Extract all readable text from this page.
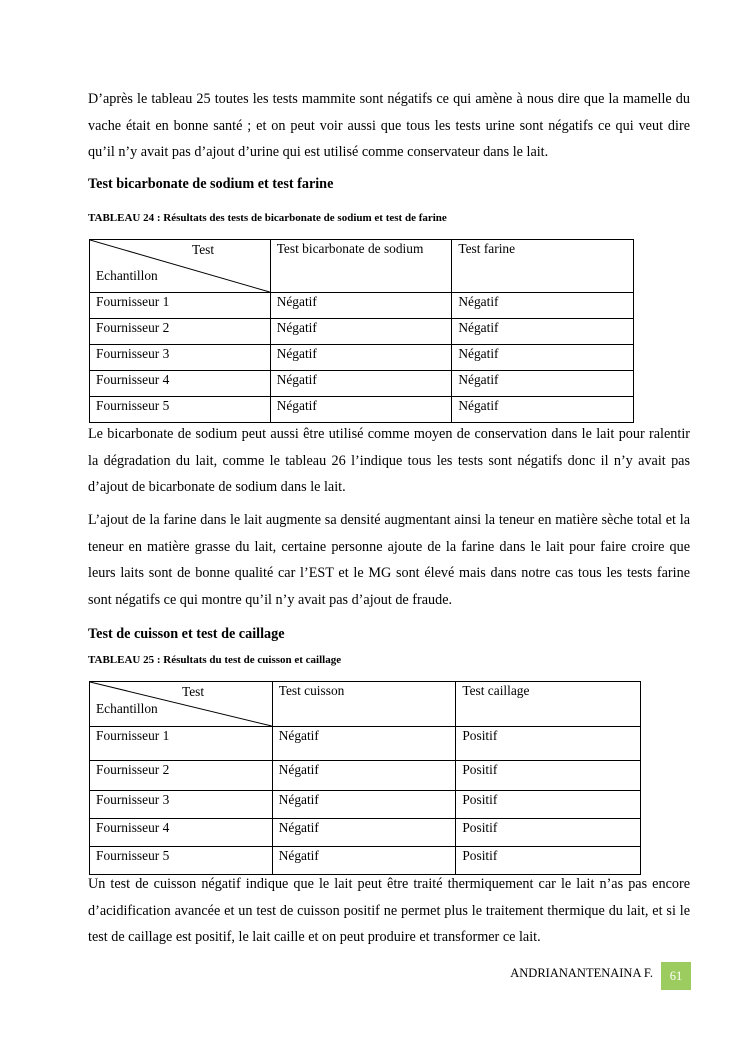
D’après le tableau 25 toutes les tests mammite sont négatifs ce qui amène à nous dire que la mamelle du vache était en bonne santé ; et on peut voir aussi que tous les tests urine sont négatifs ce qui veut dire qu’il n’y avait pas d’ajout d’urine qui est utilisé comme conservateur dans le lait.

Test bicarbonate de sodium et test farine

TABLEAU 24 : Résultats des tests de bicarbonate de sodium et test de farine

Test
Echantillon	Test bicarbonate de sodium	Test farine
Fournisseur 1	Négatif	Négatif
Fournisseur 2	Négatif	Négatif
Fournisseur 3	Négatif	Négatif
Fournisseur 4	Négatif	Négatif
Fournisseur 5	Négatif	Négatif

Le bicarbonate de sodium peut aussi être utilisé comme moyen de conservation dans le lait pour ralentir la dégradation du lait, comme le tableau 26 l’indique tous les tests sont négatifs donc il n’y avait pas d’ajout de bicarbonate de sodium dans le lait.

L’ajout de la farine dans le lait augmente sa densité augmentant ainsi la teneur en matière sèche total et la teneur en matière grasse du lait, certaine personne ajoute de la farine dans le lait pour faire croire que leurs laits sont de bonne qualité car l’EST et le MG sont élevé mais dans notre cas tous les tests farine sont négatifs ce qui montre qu’il n’y avait pas d’ajout de fraude.

Test de cuisson et test de caillage

TABLEAU 25 : Résultats du test de cuisson et caillage

Test
Echantillon	Test cuisson	Test caillage
Fournisseur 1	Négatif	Positif
Fournisseur 2	Négatif	Positif
Fournisseur 3	Négatif	Positif
Fournisseur 4	Négatif	Positif
Fournisseur 5	Négatif	Positif

Un test de cuisson négatif indique que le lait peut être traité thermiquement car le lait n’as pas encore d’acidification avancée et un test de cuisson positif ne permet plus le traitement thermique du lait, et si le test de caillage est positif, le lait caille et on peut produire et transformer ce lait.

ANDRIANANTENAINA F.	61
